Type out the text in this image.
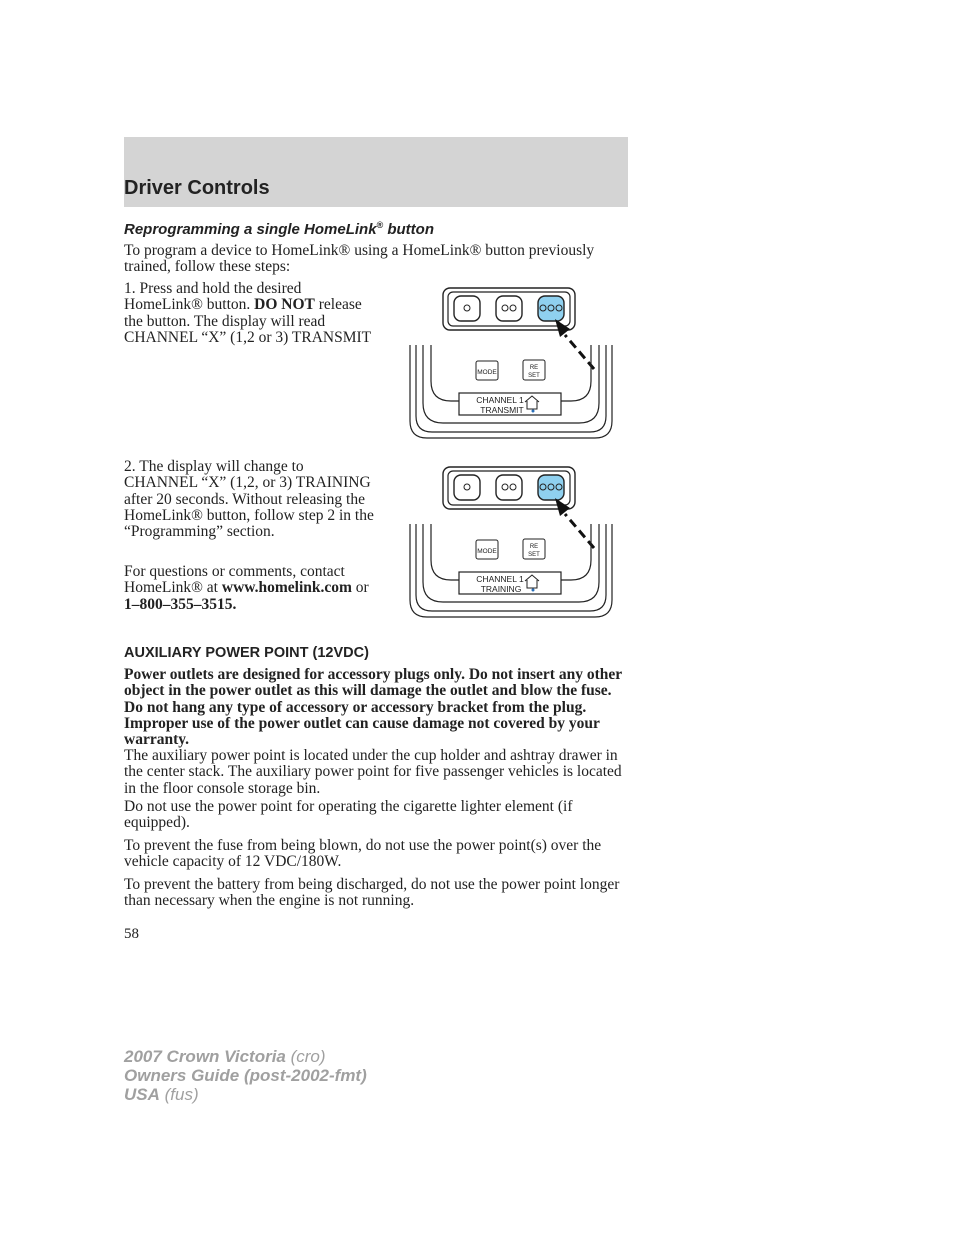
Driver Controls
Reprogramming a single HomeLink® button

To program a device to HomeLink® using a HomeLink® button previously trained, follow these steps:

1. Press and hold the desired HomeLink® button. DO NOT release the button. The display will read CHANNEL “X” (1,2 or 3) TRANSMIT

2. The display will change to CHANNEL “X” (1,2, or 3) TRAINING after 20 seconds. Without releasing the HomeLink® button, follow step 2 in the “Programming” section.

For questions or comments, contact HomeLink® at www.homelink.com or 1–800–355–3515.

MODE
RE
SET
CHANNEL 1
TRANSMIT
MODE
RE
SET
CHANNEL 1
TRAINING
AUXILIARY POWER POINT (12VDC)

Power outlets are designed for accessory plugs only. Do not insert any other object in the power outlet as this will damage the outlet and blow the fuse. Do not hang any type of accessory or accessory bracket from the plug. Improper use of the power outlet can cause damage not covered by your warranty.

The auxiliary power point is located under the cup holder and ashtray drawer in the center stack. The auxiliary power point for five passenger vehicles is located in the floor console storage bin.

Do not use the power point for operating the cigarette lighter element (if equipped).

To prevent the fuse from being blown, do not use the power point(s) over the vehicle capacity of 12 VDC/180W.

To prevent the battery from being discharged, do not use the power point longer than necessary when the engine is not running.

58

2007 Crown Victoria (cro)
Owners Guide (post-2002-fmt)
USA (fus)
